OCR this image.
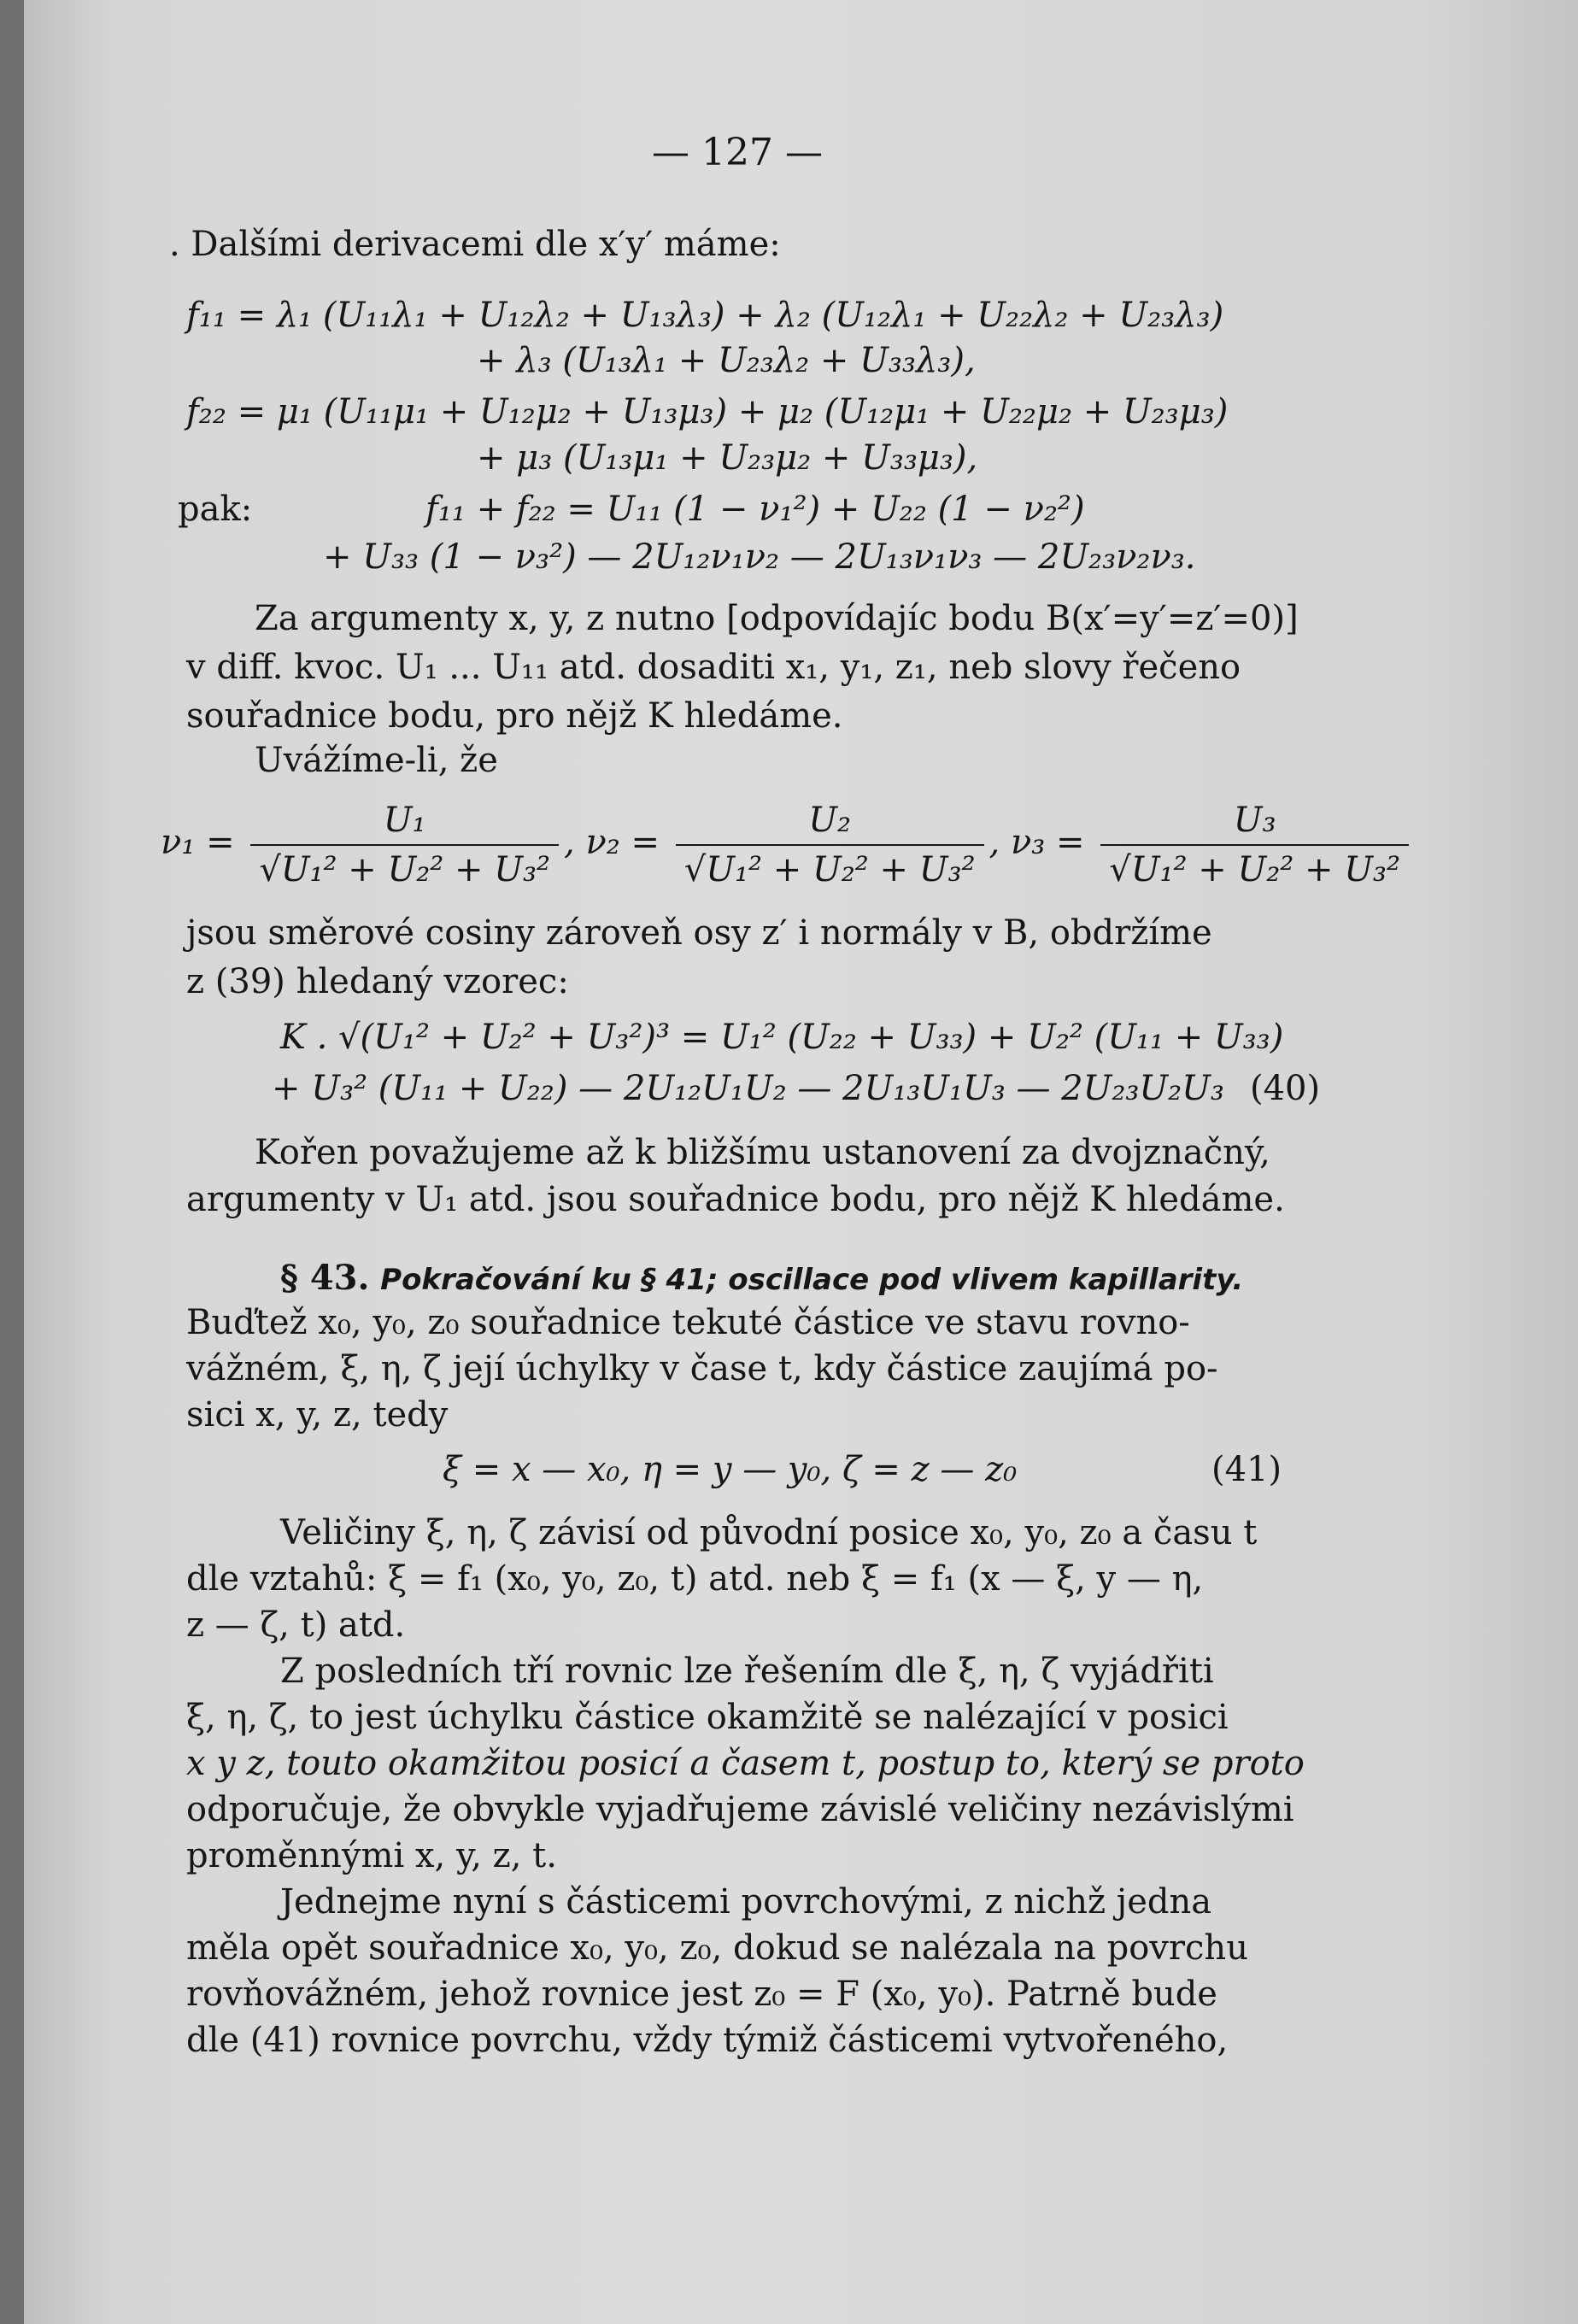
— 127 —
. Dalšími derivacemi dle x′y′ máme:
f₁₁ = λ₁ (U₁₁λ₁ + U₁₂λ₂ + U₁₃λ₃) + λ₂ (U₁₂λ₁ + U₂₂λ₂ + U₂₃λ₃)
+ λ₃ (U₁₃λ₁ + U₂₃λ₂ + U₃₃λ₃),
f₂₂ = μ₁ (U₁₁μ₁ + U₁₂μ₂ + U₁₃μ₃) + μ₂ (U₁₂μ₁ + U₂₂μ₂ + U₂₃μ₃)
+ μ₃ (U₁₃μ₁ + U₂₃μ₂ + U₃₃μ₃),
pak:	f₁₁ + f₂₂ = U₁₁ (1 − ν₁²) + U₂₂ (1 − ν₂²)
+ U₃₃ (1 − ν₃²) — 2U₁₂ν₁ν₂ — 2U₁₃ν₁ν₃ — 2U₂₃ν₂ν₃.
Za argumenty x, y, z nutno [odpovídajíc bodu B(x′=y′=z′=0)]
v diff. kvoc. U₁ ... U₁₁ atd. dosaditi x₁, y₁, z₁, neb slovy řečeno
souřadnice bodu, pro nějž K hledáme.
Uvážíme-li, že
$\nu_1 = \frac{\text{U₁}}{\text{√U₁² + U₂² + U₃²}}$ , $\nu_2 = \frac{\text{U₂}}{\text{√U₁² + U₂² + U₃²}}$ , $\nu_3 = \frac{\text{U₃}}{\text{√U₁² + U₂² + U₃²}}$
jsou směrové cosiny zároveň osy z′ i normály v B, obdržíme
z (39) hledaný vzorec:
K . √(U₁² + U₂² + U₃²)³ = U₁² (U₂₂ + U₃₃) + U₂² (U₁₁ + U₃₃)
+ U₃² (U₁₁ + U₂₂) — 2U₁₂U₁U₂ — 2U₁₃U₁U₃ — 2U₂₃U₂U₃ (40)
Kořen považujeme až k bližšímu ustanovení za dvojznačný,
argumenty v U₁ atd. jsou souřadnice bodu, pro nějž K hledáme.
§ 43. Pokračování ku § 41; oscillace pod vlivem kapillarity.
Buďtež x₀, y₀, z₀ souřadnice tekuté částice ve stavu rovno-
vážném, ξ, η, ζ její úchylky v čase t, kdy částice zaujímá po-
sici x, y, z, tedy
ξ = x — x₀, η = y — y₀, ζ = z — z₀	(41)
Veličiny ξ, η, ζ závisí od původní posice x₀, y₀, z₀ a času t
dle vztahů: ξ = f₁ (x₀, y₀, z₀, t) atd. neb ξ = f₁ (x — ξ, y — η,
z — ζ, t) atd.
Z posledních tří rovnic lze řešením dle ξ, η, ζ vyjádřiti
ξ, η, ζ, to jest úchylku částice okamžitě se nalézající v posici
x y z, touto okamžitou posicí a časem t, postup to, který se proto
odporučuje, že obvykle vyjadřujeme závislé veličiny nezávislými
proměnnými x, y, z, t.
Jednejme nyní s částicemi povrchovými, z nichž jedna
měla opět souřadnice x₀, y₀, z₀, dokud se nalézala na povrchu
rovňovážném, jehož rovnice jest z₀ = F (x₀, y₀). Patrně bude
dle (41) rovnice povrchu, vždy týmiž částicemi vytvořeného,
